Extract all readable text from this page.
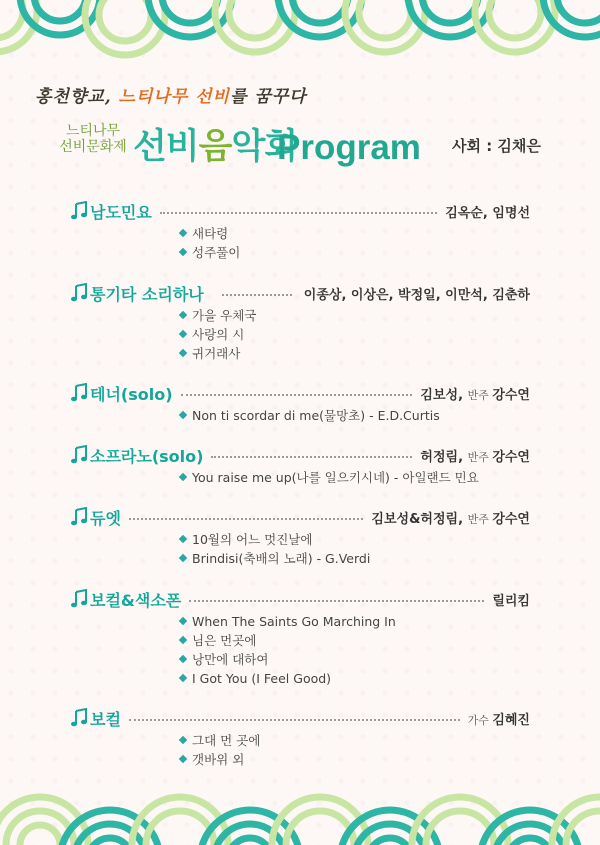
홍천향교, 느티나무 선비를 꿈꾸다
느티나무
선비문화제 선비음악회
Program 사회 : 김채은
남도민요	김옥순, 임명선
새타령
성주풀이
통기타 소리하나	이종상, 이상은, 박정일, 이만석, 김춘하
가을 우체국
사랑의 시
귀거래사
테너(solo)	김보성, 반주 강수연
Non ti scordar di me(물망초) - E.D.Curtis
소프라노(solo)	허정림, 반주 강수연
You raise me up(나를 일으키시네) - 아일랜드 민요
듀엣	김보성&허정림, 반주 강수연
10월의 어느 멋진날에
Brindisi(축배의 노래) - G.Verdi
보컬&색소폰	릴리킴
When The Saints Go Marching In
님은 먼곳에
낭만에 대하여
I Got You (I Feel Good)
보컬	가수 김혜진
그대 먼 곳에
갯바위 외
